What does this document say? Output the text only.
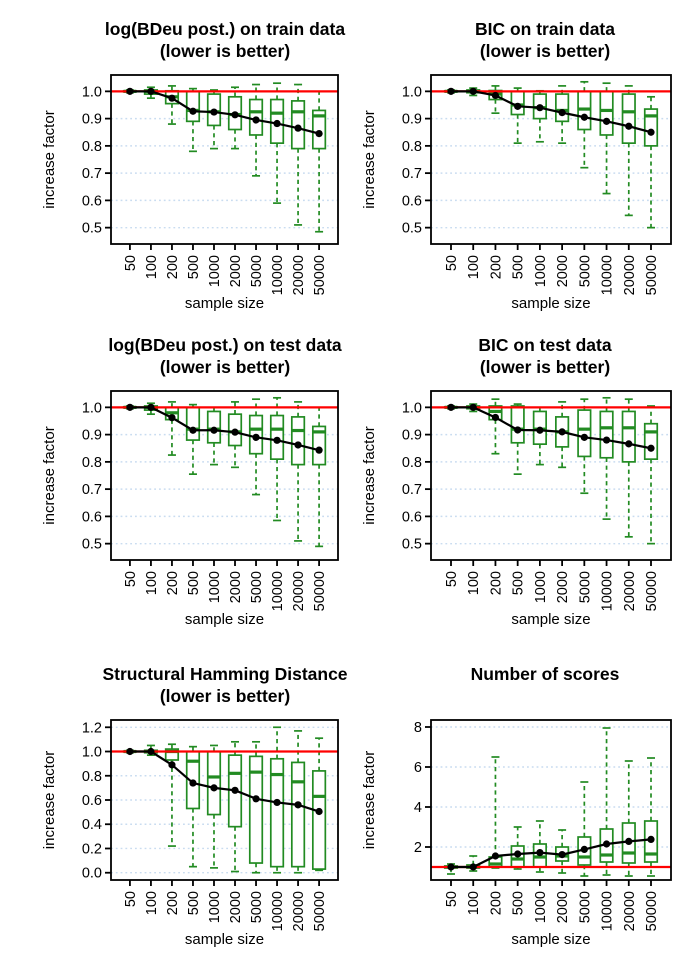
log(BDeu post.) on train data
(lower is better)
0.5
0.6
0.7
0.8
0.9
1.0
50 100 200 500 1000 2000 5000 10000 20000 50000
sample size
increase factor
BIC on train data
(lower is better)
0.5
0.6
0.7
0.8
0.9
1.0
50 100 200 500 1000 2000 5000 10000 20000 50000
sample size
increase factor
log(BDeu post.) on test data
(lower is better)
0.5
0.6
0.7
0.8
0.9
1.0
50 100 200 500 1000 2000 5000 10000 20000 50000
sample size
increase factor
BIC on test data
(lower is better)
0.5
0.6
0.7
0.8
0.9
1.0
50 100 200 500 1000 2000 5000 10000 20000 50000
sample size
increase factor
Structural Hamming Distance
(lower is better)
0.0
0.2
0.4
0.6
0.8
1.0
1.2
50 100 200 500 1000 2000 5000 10000 20000 50000
sample size
increase factor
Number of scores
2
4
6
8
50 100 200 500 1000 2000 5000 10000 20000 50000
sample size
increase factor
